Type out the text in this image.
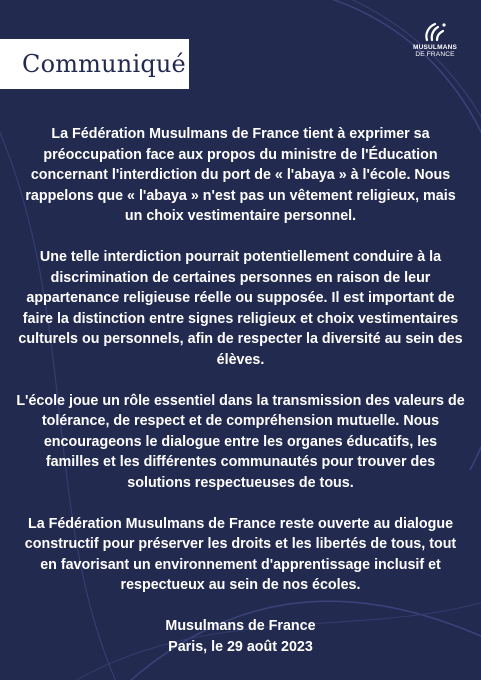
Communiqué
MUSULMANS
DE FRANCE

La Fédération Musulmans de France tient à exprimer sa préoccupation face aux propos du ministre de l'Éducation concernant l'interdiction du port de « l'abaya » à l'école. Nous rappelons que « l'abaya » n'est pas un vêtement religieux, mais un choix vestimentaire personnel.

Une telle interdiction pourrait potentiellement conduire à la discrimination de certaines personnes en raison de leur appartenance religieuse réelle ou supposée. Il est important de faire la distinction entre signes religieux et choix vestimentaires culturels ou personnels, afin de respecter la diversité au sein des élèves.

L'école joue un rôle essentiel dans la transmission des valeurs de tolérance, de respect et de compréhension mutuelle. Nous encourageons le dialogue entre les organes éducatifs, les familles et les différentes communautés pour trouver des solutions respectueuses de tous.

La Fédération Musulmans de France reste ouverte au dialogue constructif pour préserver les droits et les libertés de tous, tout en favorisant un environnement d'apprentissage inclusif et respectueux au sein de nos écoles.

Musulmans de France

Paris, le 29 août 2023
